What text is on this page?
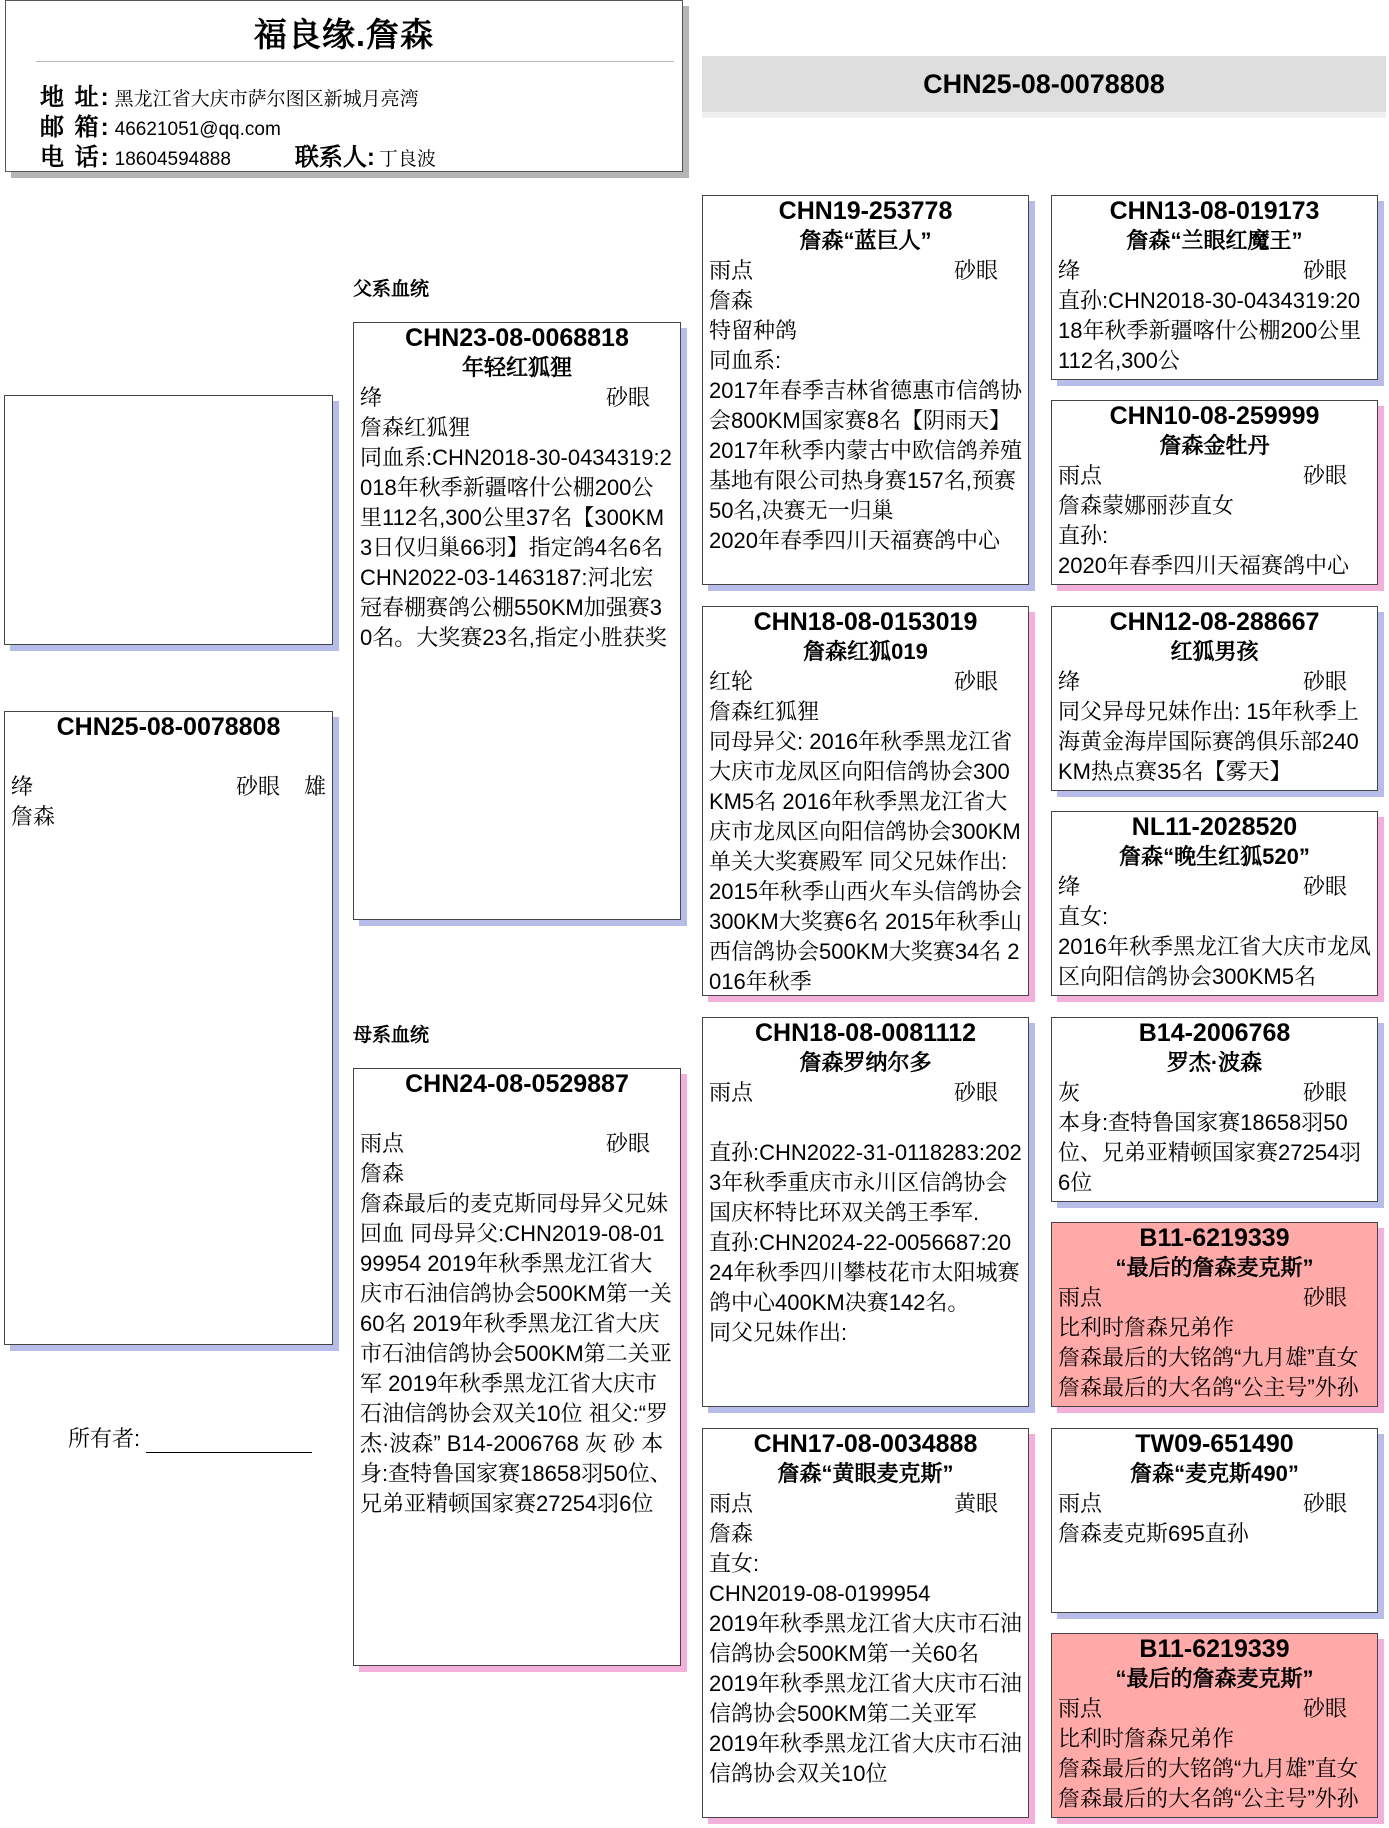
福良缘.詹森
地 址: 黑龙江省大庆市萨尔图区新城月亮湾
邮 箱: 46621051@qq.com
电 话: 18604594888	联系人: 丁良波
CHN25-08-0078808
父系血统
母系血统
CHN25-08-0078808
绛	砂眼 雄
詹森
所有者:
CHN23-08-0068818
年轻红狐狸
绛	砂眼
詹森红狐狸
同血系:CHN2018-30-0434319:2018年秋季新疆喀什公棚200公里112名,300公里37名【300KM3日仅归巢66羽】指定鸽4名6名
CHN2022-03-1463187:河北宏冠春棚赛鸽公棚550KM加强赛30名。大奖赛23名,指定小胜获奖
CHN24-08-0529887
雨点	砂眼
詹森
詹森最后的麦克斯同母异父兄妹回血 同母异父:CHN2019-08-0199954 2019年秋季黑龙江省大庆市石油信鸽协会500KM第一关60名 2019年秋季黑龙江省大庆市石油信鸽协会500KM第二关亚军 2019年秋季黑龙江省大庆市石油信鸽协会双关10位 祖父:“罗杰·波森” B14-2006768 灰 砂 本身:查特鲁国家赛18658羽50位、兄弟亚精顿国家赛27254羽6位
CHN19-253778
詹森“蓝巨人”
雨点	砂眼
詹森
特留种鸽
同血系:
2017年春季吉林省德惠市信鸽协会800KM国家赛8名【阴雨天】
2017年秋季内蒙古中欧信鸽养殖基地有限公司热身赛157名,预赛50名,决赛无一归巢
2020年春季四川天福赛鸽中心
CHN18-08-0153019
詹森红狐019
红轮	砂眼
詹森红狐狸
同母异父: 2016年秋季黑龙江省大庆市龙凤区向阳信鸽协会300KM5名 2016年秋季黑龙江省大庆市龙凤区向阳信鸽协会300KM单关大奖赛殿军 同父兄妹作出: 2015年秋季山西火车头信鸽协会300KM大奖赛6名 2015年秋季山西信鸽协会500KM大奖赛34名 2016年秋季
CHN18-08-0081112
詹森罗纳尔多
雨点	砂眼
直孙:CHN2022-31-0118283:2023年秋季重庆市永川区信鸽协会国庆杯特比环双关鸽王季军.
直孙:CHN2024-22-0056687:2024年秋季四川攀枝花市太阳城赛鸽中心400KM决赛142名。
同父兄妹作出:
CHN17-08-0034888
詹森“黄眼麦克斯”
雨点	黄眼
詹森
直女:
CHN2019-08-0199954
2019年秋季黑龙江省大庆市石油信鸽协会500KM第一关60名
2019年秋季黑龙江省大庆市石油信鸽协会500KM第二关亚军
2019年秋季黑龙江省大庆市石油信鸽协会双关10位
CHN13-08-019173
詹森“兰眼红魔王”
绛	砂眼
直孙:CHN2018-30-0434319:2018年秋季新疆喀什公棚200公里112名,300公
CHN10-08-259999
詹森金牡丹
雨点	砂眼
詹森蒙娜丽莎直女
直孙:
2020年春季四川天福赛鸽中心
CHN12-08-288667
红狐男孩
绛	砂眼
同父异母兄妹作出: 15年秋季上海黄金海岸国际赛鸽俱乐部240KM热点赛35名【雾天】
NL11-2028520
詹森“晚生红狐520”
绛	砂眼
直女:
2016年秋季黑龙江省大庆市龙凤区向阳信鸽协会300KM5名
B14-2006768
罗杰·波森
灰	砂眼
本身:查特鲁国家赛18658羽50位、兄弟亚精顿国家赛27254羽6位
B11-6219339
“最后的詹森麦克斯”
雨点	砂眼
比利时詹森兄弟作
詹森最后的大铭鸽“九月雄”直女
詹森最后的大名鸽“公主号”外孙
TW09-651490
詹森“麦克斯490”
雨点	砂眼
詹森麦克斯695直孙
B11-6219339
“最后的詹森麦克斯”
雨点	砂眼
比利时詹森兄弟作
詹森最后的大铭鸽“九月雄”直女
詹森最后的大名鸽“公主号”外孙
